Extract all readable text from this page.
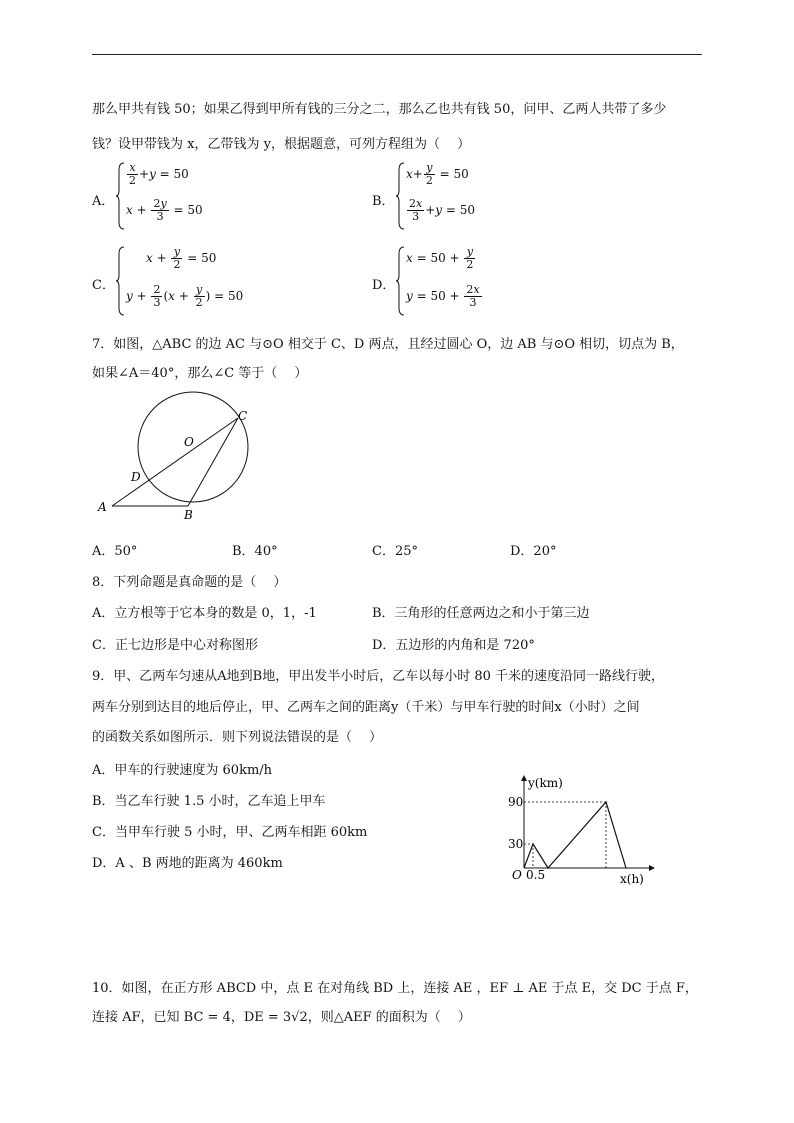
那么甲共有钱 50；如果乙得到甲所有钱的三分之二，那么乙也共有钱 50，问甲、乙两人共带了多少
钱？设甲带钱为 x，乙带钱为 y，根据题意，可列方程组为（　 ）
A．
$\frac{x}{2} +y = 50$
$x + \frac{2y}{3} = 50$
B．
$x+ \frac{y}{2} = 50$
$\frac{2x}{3} +y = 50$
C．
$x + \frac{y}{2} = 50$
$y + \frac{2}{3} (x + \frac{y}{2}$ ) = 50
D．
$x = 50 + \frac{y}{2}$
$y = 50 + \frac{2x}{3}$
7．如图，△ABC 的边 AC 与⊙O 相交于 C、D 两点，且经过圆心 O，边 AB 与⊙O 相切，切点为 B，
如果∠A＝40°，那么∠C 等于（　 ）
C
O
D
A
B
A．50°	B．40°	C．25°	D．20°
8．下列命题是真命题的是（　 ）
A．立方根等于它本身的数是 0，1，-1	B．三角形的任意两边之和小于第三边
C．正七边形是中心对称图形	D．五边形的内角和是 720°
9．甲、乙两车匀速从A地到B地，甲出发半小时后，乙车以每小时 80 千米的速度沿同一路线行驶，
两车分别到达目的地后停止，甲、乙两车之间的距离y（千米）与甲车行驶的时间x（小时）之间
的函数关系如图所示．则下列说法错误的是（　 ）
A．甲车的行驶速度为 60km/h
B．当乙车行驶 1.5 小时，乙车追上甲车
C．当甲车行驶 5 小时，甲、乙两车相距 60km
D．A 、B 两地的距离为 460km
y(km)
x(h)
90
30
O 0.5
10．如图，在正方形 ABCD 中，点 E 在对角线 BD 上，连接 AE ，EF ⊥ AE 于点 E，交 DC 于点 F，
连接 AF，已知 BC = 4，DE = 3√2，则△AEF 的面积为（　 ）
